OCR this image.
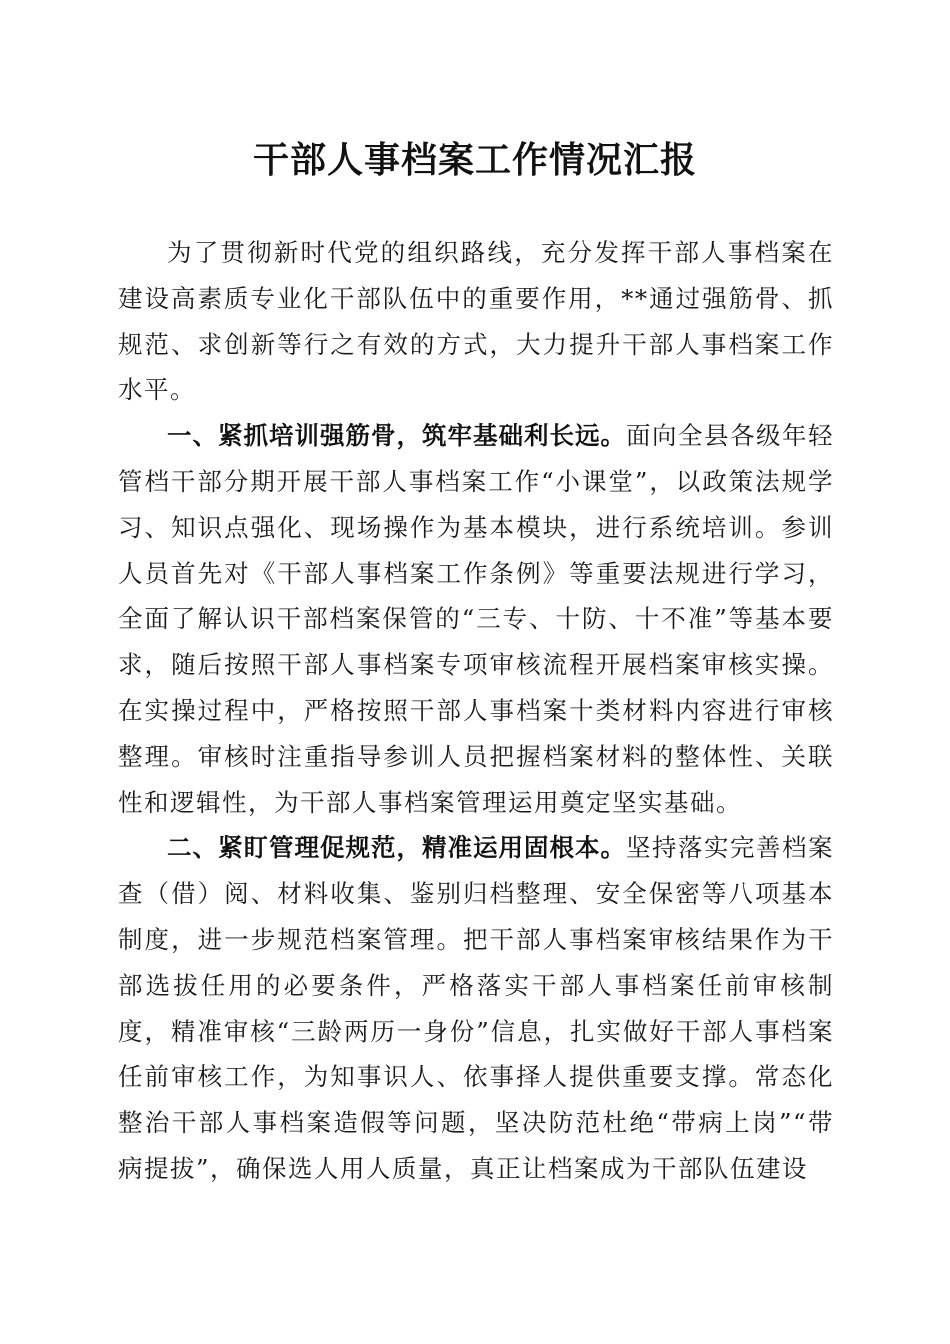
干部人事档案工作情况汇报

为了贯彻新时代党的组织路线，充分发挥干部人事档案在建设高素质专业化干部队伍中的重要作用，**通过强筋骨、抓规范、求创新等行之有效的方式，大力提升干部人事档案工作水平。

一、紧抓培训强筋骨，筑牢基础利长远。面向全县各级年轻管档干部分期开展干部人事档案工作“小课堂”，以政策法规学习、知识点强化、现场操作为基本模块，进行系统培训。参训人员首先对《干部人事档案工作条例》等重要法规进行学习，全面了解认识干部档案保管的“三专、十防、十不准”等基本要求，随后按照干部人事档案专项审核流程开展档案审核实操。在实操过程中，严格按照干部人事档案十类材料内容进行审核整理。审核时注重指导参训人员把握档案材料的整体性、关联性和逻辑性，为干部人事档案管理运用奠定坚实基础。

二、紧盯管理促规范，精准运用固根本。坚持落实完善档案查（借）阅、材料收集、鉴别归档整理、安全保密等八项基本制度，进一步规范档案管理。把干部人事档案审核结果作为干部选拔任用的必要条件，严格落实干部人事档案任前审核制度，精准审核“三龄两历一身份”信息，扎实做好干部人事档案任前审核工作，为知事识人、依事择人提供重要支撑。常态化整治干部人事档案造假等问题，坚决防范杜绝“带病上岗”“带病提拔”，确保选人用人质量，真正让档案成为干部队伍建设
